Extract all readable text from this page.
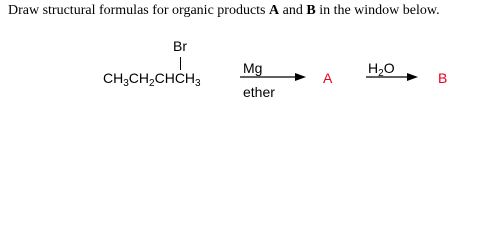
Draw structural formulas for organic products A and B in the window below.
Br
$CH_3CH_2CHCH_3$
Mg
ether
A
$H_2O$
→ B
